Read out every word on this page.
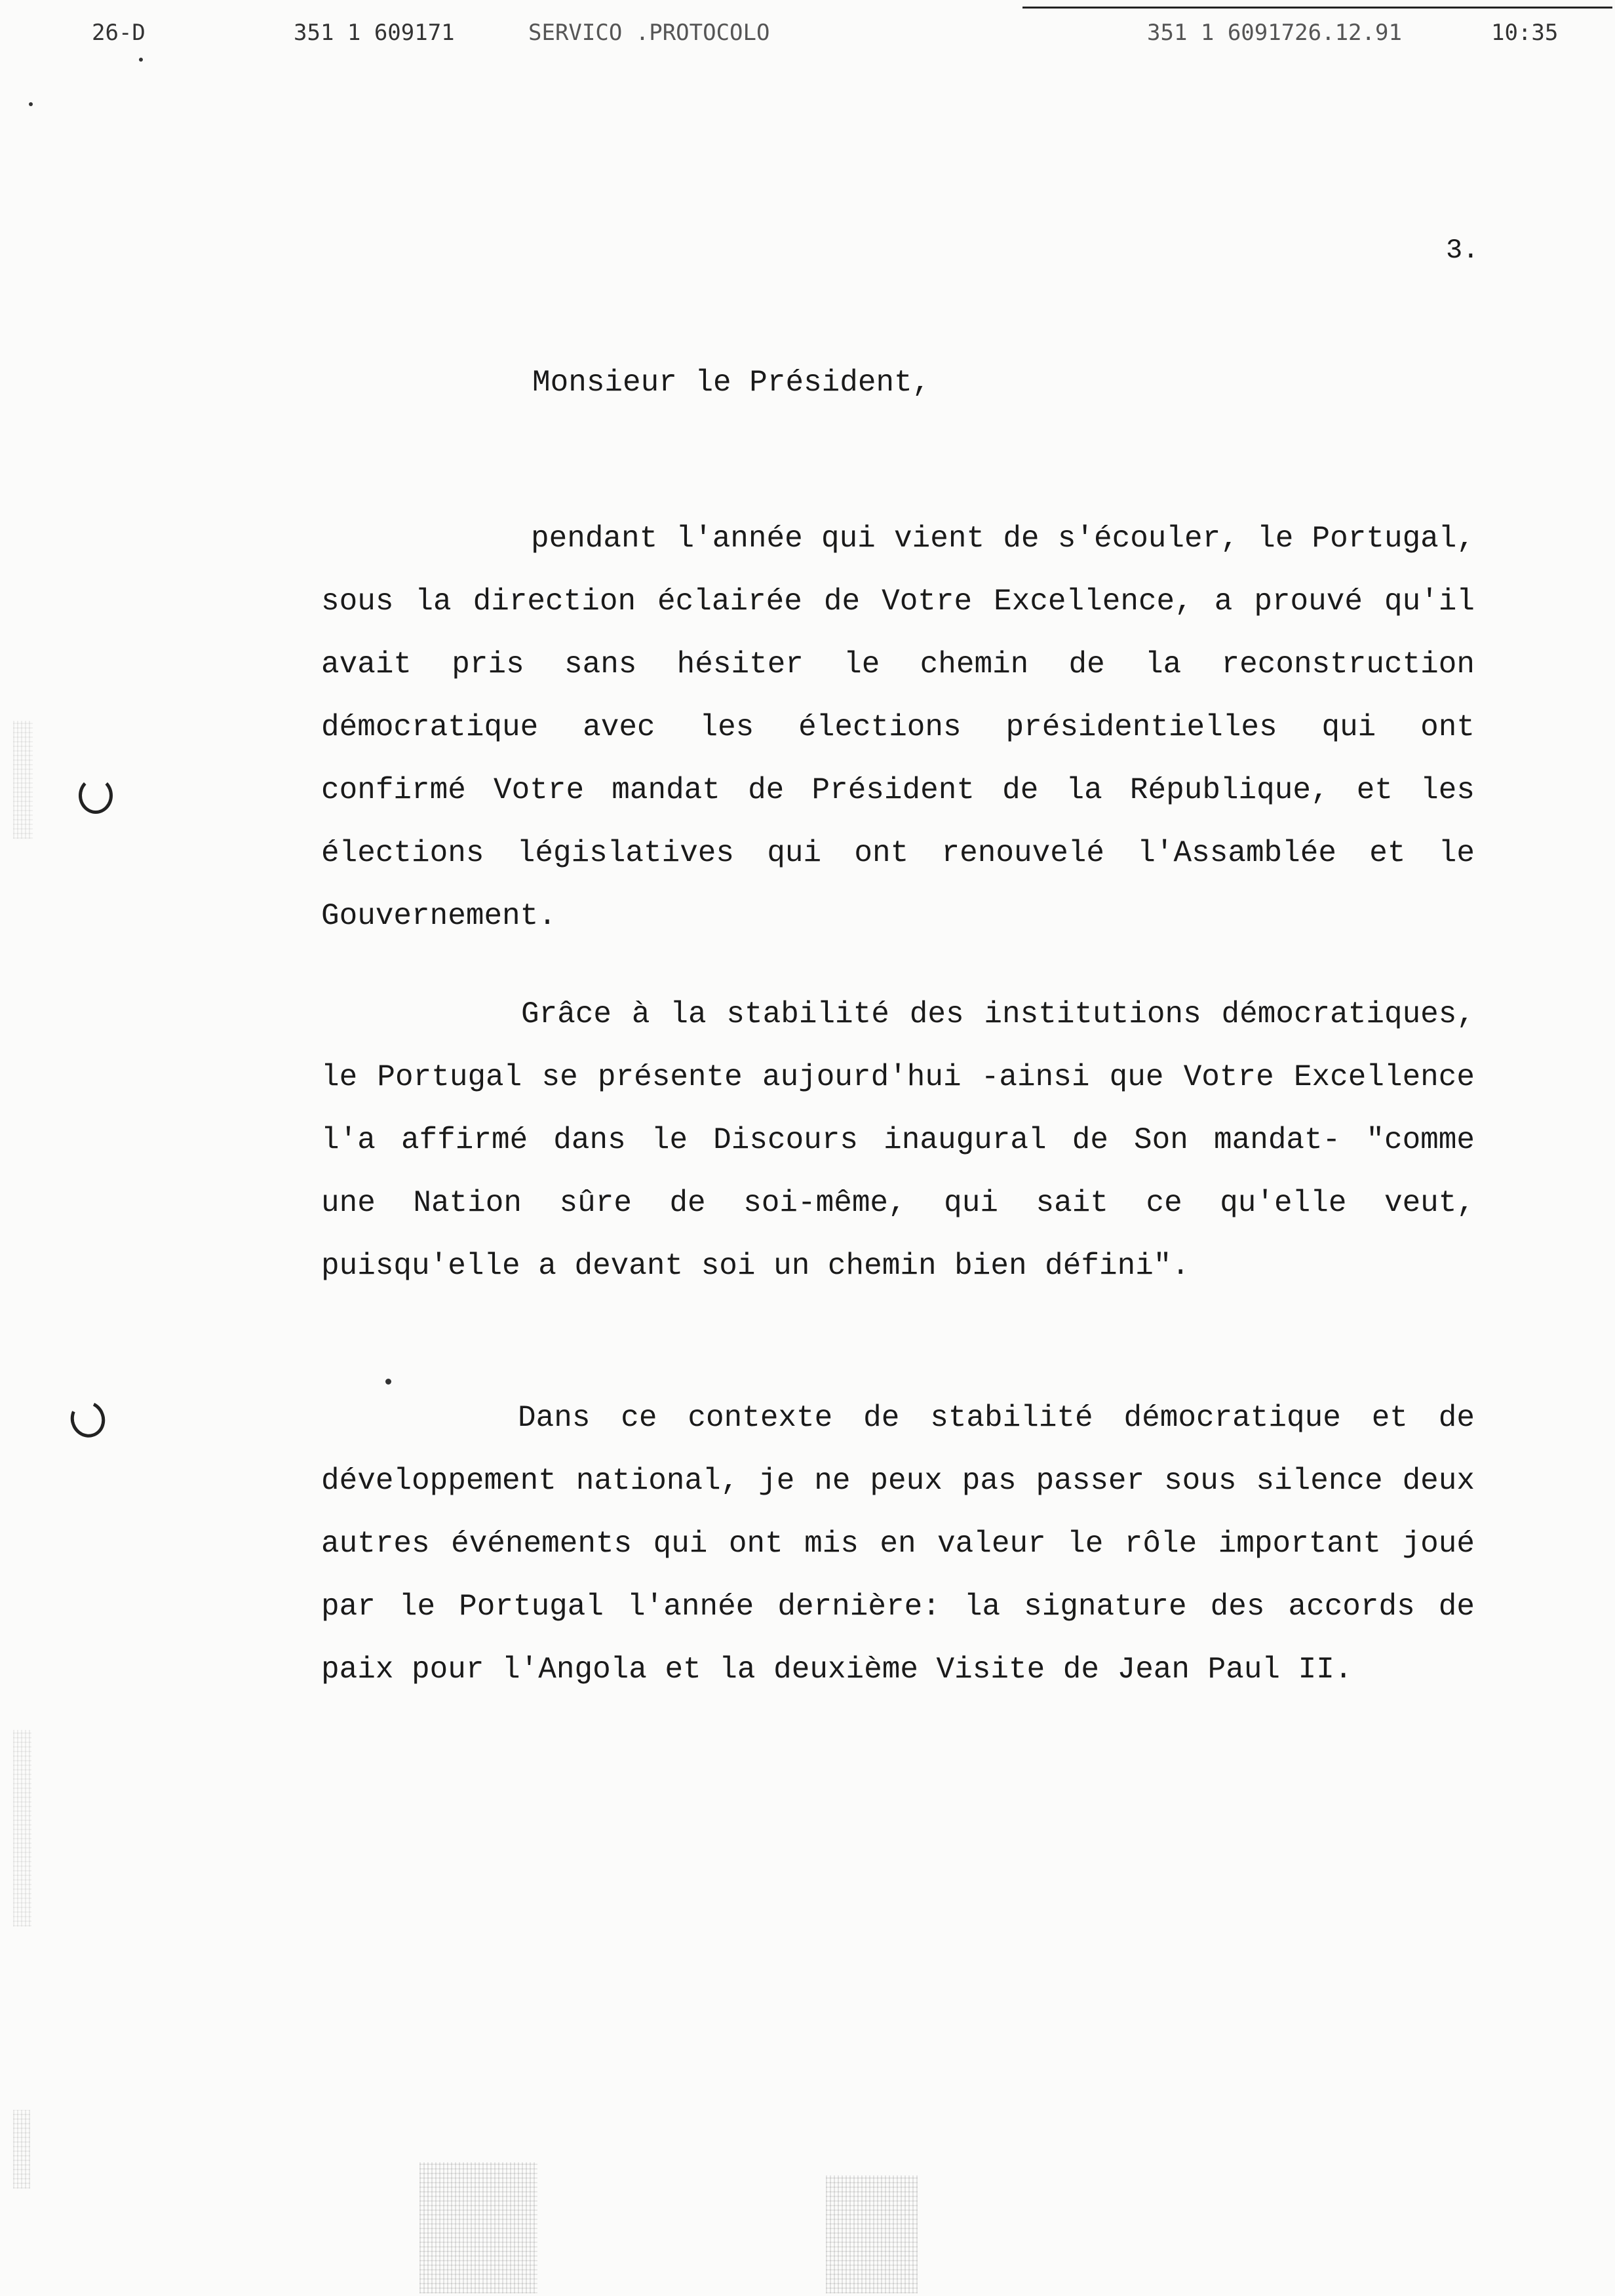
26-D	351 1 609171	SERVICO .PROTOCOLO	351 1 6091726.12.91	10:35
3.
Monsieur le Président,

pendant l'année qui vient de s'écouler, le Portugal, sous la direction éclairée de Votre Excellence, a prouvé qu'il avait pris sans hésiter le chemin de la reconstruction démocratique avec les élections présidentielles qui ont confirmé Votre mandat de Président de la République, et les élections législatives qui ont renouvelé l'Assamblée et le Gouvernement.

Grâce à la stabilité des institutions démocratiques, le Portugal se présente aujourd'hui -ainsi que Votre Excellence l'a affirmé dans le Discours inaugural de Son mandat- "comme une Nation sûre de soi-même, qui sait ce qu'elle veut, puisqu'elle a devant soi un chemin bien défini".

Dans ce contexte de stabilité démocratique et de développement national, je ne peux pas passer sous silence deux autres événements qui ont mis en valeur le rôle important joué par le Portugal l'année dernière: la signature des accords de paix pour l'Angola et la deuxième Visite de Jean Paul II.
